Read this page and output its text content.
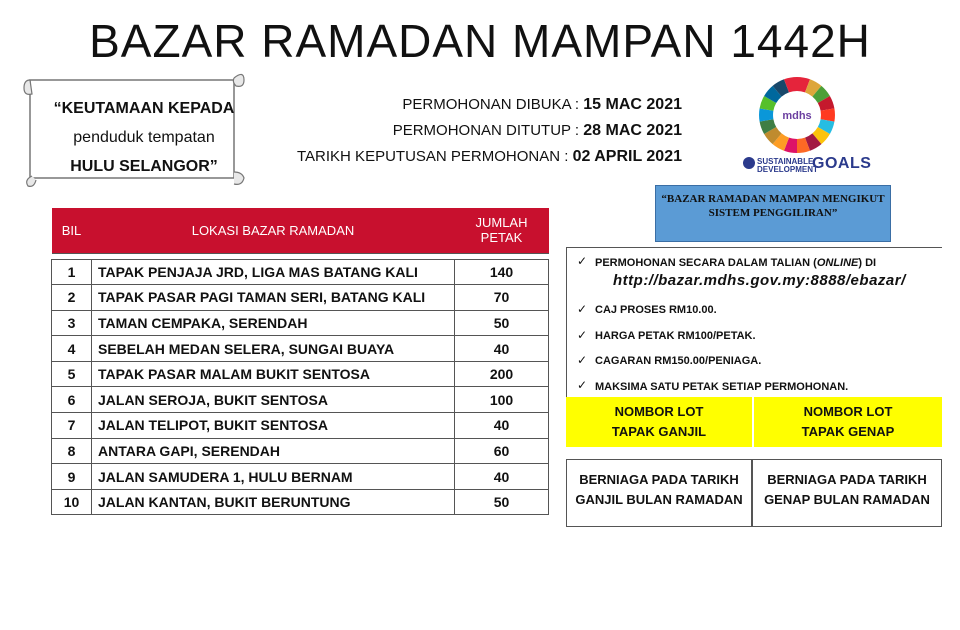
BAZAR RAMADAN MAMPAN 1442H
“KEUTAMAAN KEPADA
penduduk tempatan
HULU SELANGOR”
PERMOHONAN DIBUKA : 15 MAC 2021
PERMOHONAN DITUTUP : 28 MAC 2021
TARIKH KEPUTUSAN PERMOHONAN : 02 APRIL 2021
mdhs
SUSTAINABLE
DEVELOPMENT
GOALS
“BAZAR RAMADAN MAMPAN MENGIKUT SISTEM PENGGILIRAN”
BIL	LOKASI BAZAR RAMADAN	JUMLAH
PETAK

1	TAPAK PENJAJA JRD, LIGA MAS BATANG KALI	140
2	TAPAK PASAR PAGI TAMAN SERI, BATANG KALI	70
3	TAMAN CEMPAKA, SERENDAH	50
4	SEBELAH MEDAN SELERA, SUNGAI BUAYA	40
5	TAPAK PASAR MALAM BUKIT SENTOSA	200
6	JALAN SEROJA, BUKIT SENTOSA	100
7	JALAN TELIPOT, BUKIT SENTOSA	40
8	ANTARA GAPI, SERENDAH	60
9	JALAN SAMUDERA 1, HULU BERNAM	40
10	JALAN KANTAN, BUKIT BERUNTUNG	50
✓ PERMOHONAN SECARA DALAM TALIAN (ONLINE) DI
http://bazar.mdhs.gov.my:8888/ebazar/
✓ CAJ PROSES RM10.00.
✓ HARGA PETAK RM100/PETAK.
✓ CAGARAN RM150.00/PENIAGA.
✓ MAKSIMA SATU PETAK SETIAP PERMOHONAN.
NOMBOR LOT
TAPAK GANJIL
NOMBOR LOT
TAPAK GENAP
BERNIAGA PADA TARIKH
GANJIL BULAN RAMADAN
BERNIAGA PADA TARIKH
GENAP BULAN RAMADAN
